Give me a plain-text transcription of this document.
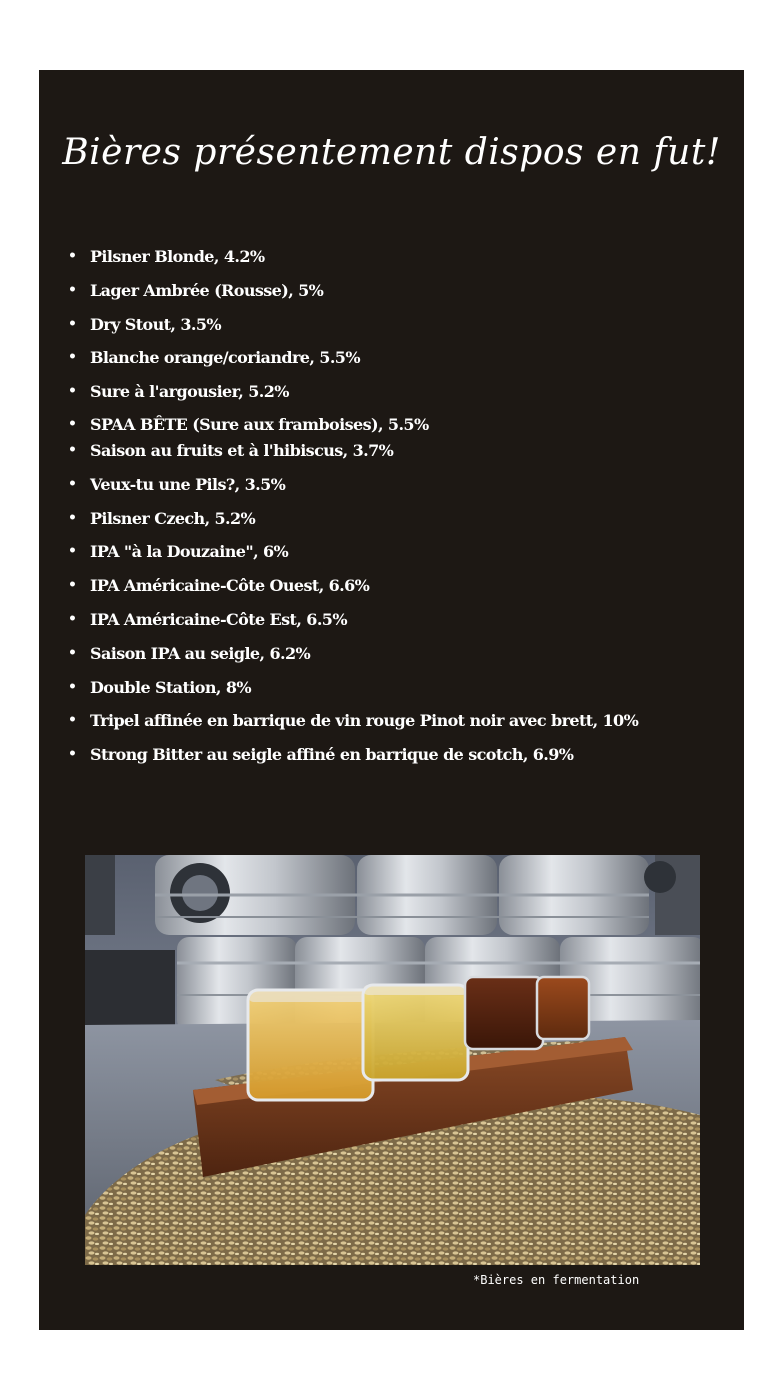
Bières présentement dispos en fut!
• Pilsner Blonde, 4.2%
• Lager Ambrée (Rousse), 5%
• Dry Stout, 3.5%
• Blanche orange/coriandre, 5.5%
• Sure à l'argousier, 5.2%
• SPAA BÊTE (Sure aux framboises), 5.5%
• Saison au fruits et à l'hibiscus, 3.7%
• Veux-tu une Pils?, 3.5%
• Pilsner Czech, 5.2%
• IPA "à la Douzaine", 6%
• IPA Américaine-Côte Ouest, 6.6%
• IPA Américaine-Côte Est, 6.5%
• Saison IPA au seigle, 6.2%
• Double Station, 8%
• Tripel affinée en barrique de vin rouge Pinot noir avec brett, 10%
• Strong Bitter au seigle affiné en barrique de scotch, 6.9%
*Bières en fermentation
